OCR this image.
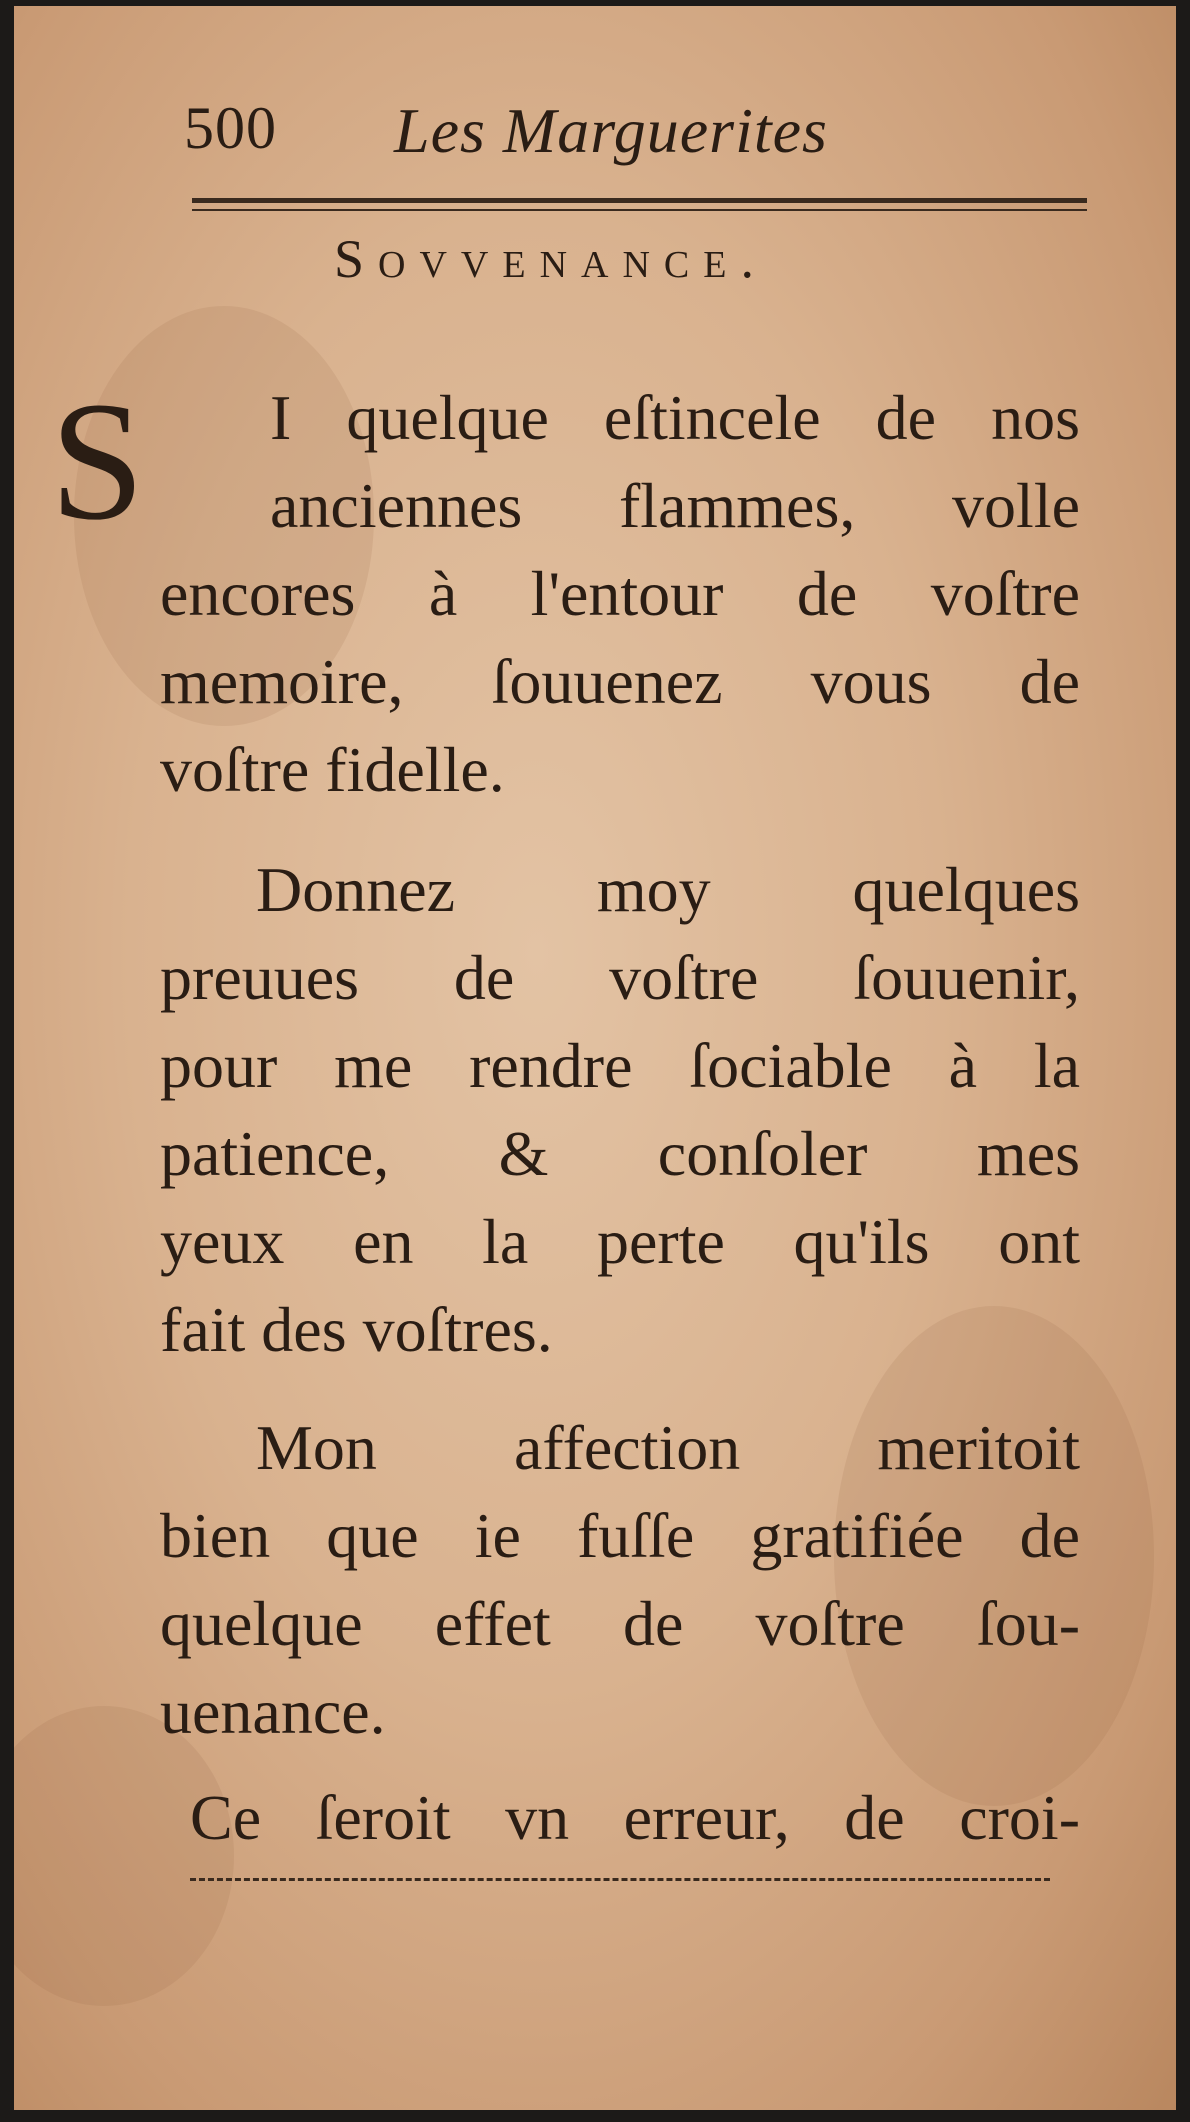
500 Les Marguerites
Sovvenance.
S	I quelque eſtincele de nos
anciennes flammes, volle
encores à l'entour de voſtre
memoire, ſouuenez vous de
voſtre fidelle.
Donnez moy quelques
preuues de voſtre ſouuenir,
pour me rendre ſociable à la
patience, & conſoler mes
yeux en la perte qu'ils ont
fait des voſtres.
Mon affection meritoit
bien que ie fuſſe gratifiée de
quelque effet de voſtre ſou-
uenance.
Ce ſeroit vn erreur, de croi-
